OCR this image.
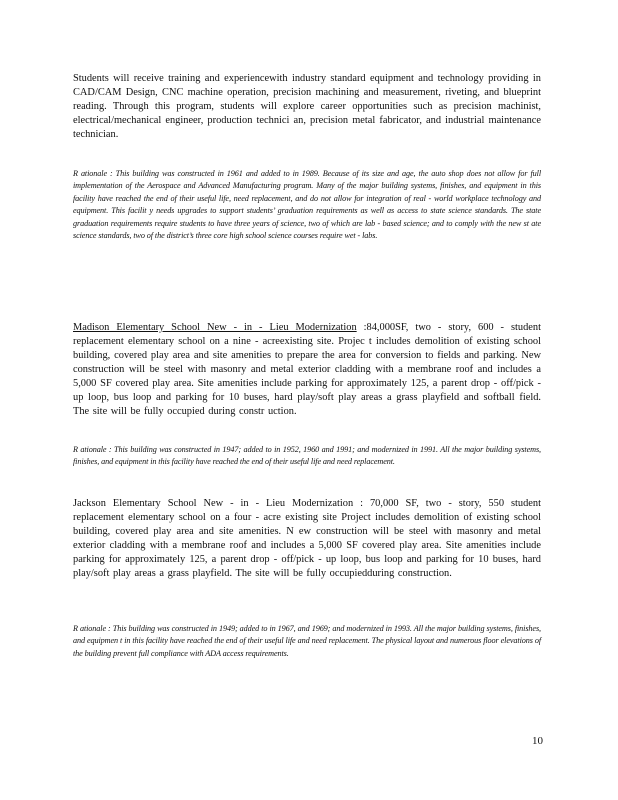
Students will receive training and experiencewith industry standard equipment and technology providing in CAD/CAM Design, CNC machine operation, precision machining and measurement, riveting, and blueprint reading. Through this program, students will explore career opportunities such as precision machinist, electrical/mechanical engineer, production technici an, precision metal fabricator, and industrial maintenance technician.

R ationale : This building was constructed in 1961 and added to in 1989. Because of its size and age, the auto shop does not allow for full implementation of the Aerospace and Advanced Manufacturing program. Many of the major building systems, finishes, and equipment in this facility have reached the end of their useful life, need replacement, and do not allow for integration of real - world workplace technology and equipment. This facilit y needs upgrades to support students’ graduation requirements as well as access to state science standards. The state graduation requirements require students to have three years of science, two of which are lab - based science; and to comply with the new st ate science standards, two of the district’s three core high school science courses require wet - labs.

Madison Elementary School New - in - Lieu Modernization :84,000SF, two - story, 600 - student replacement elementary school on a nine - acreexisting site. Projec t includes demolition of existing school building, covered play area and site amenities to prepare the area for conversion to fields and parking. New construction will be steel with masonry and metal exterior cladding with a membrane roof and includes a 5,000 SF covered play area. Site amenities include parking for approximately 125, a parent drop - off/pick - up loop, bus loop and parking for 10 buses, hard play/soft play areas a grass playfield and softball field. The site will be fully occupied during constr uction.

R ationale : This building was constructed in 1947; added to in 1952, 1960 and 1991; and modernized in 1991. All the major building systems, finishes, and equipment in this facility have reached the end of their useful life and need replacement.

Jackson Elementary School New - in - Lieu Modernization : 70,000 SF, two - story, 550 student replacement elementary school on a four - acre existing site Project includes demolition of existing school building, covered play area and site amenities. N ew construction will be steel with masonry and metal exterior cladding with a membrane roof and includes a 5,000 SF covered play area. Site amenities include parking for approximately 125, a parent drop - off/pick - up loop, bus loop and parking for 10 buses, hard play/soft play areas a grass playfield. The site will be fully occupiedduring construction.

R ationale : This building was constructed in 1949; added to in 1967, and 1969; and modernized in 1993. All the major building systems, finishes, and equipmen t in this facility have reached the end of their useful life and need replacement. The physical layout and numerous floor elevations of the building prevent full compliance with ADA access requirements.

10
